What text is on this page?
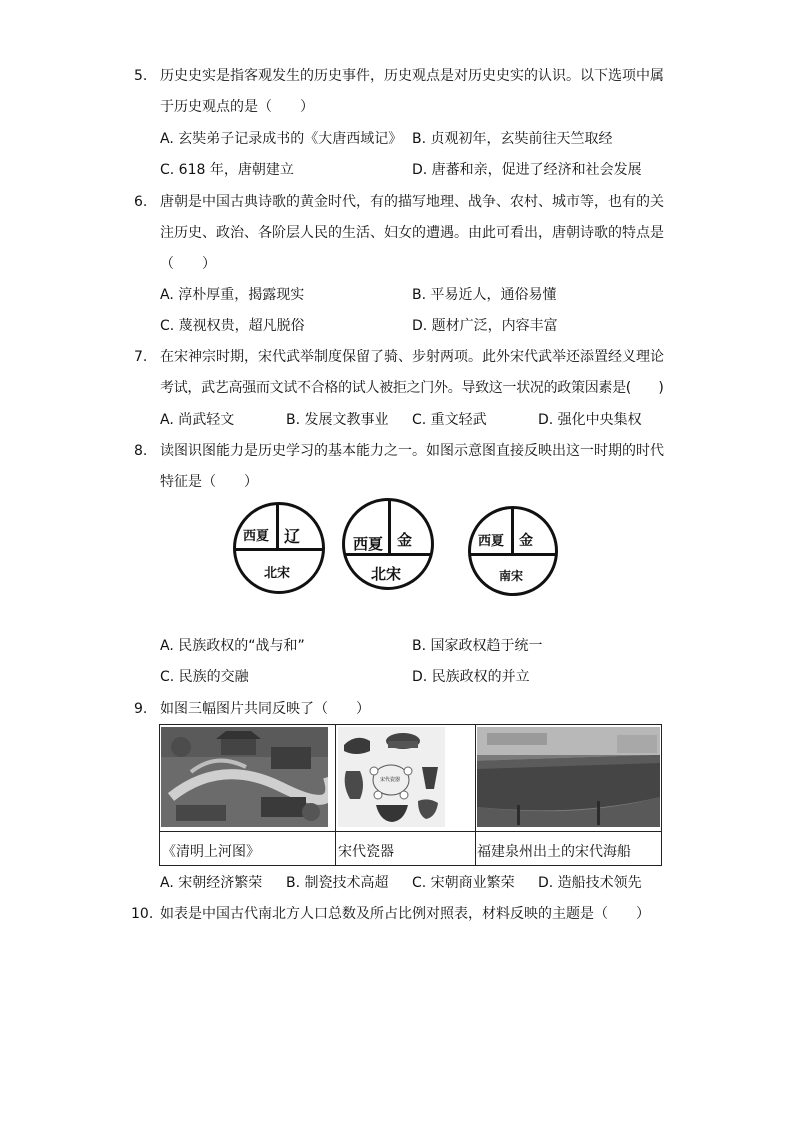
5. 历史史实是指客观发生的历史事件，历史观点是对历史史实的认识。以下选项中属
于历史观点的是（　　）
A. 玄奘弟子记录成书的《大唐西域记》 B. 贞观初年，玄奘前往天竺取经
C. 618 年，唐朝建立	D. 唐蕃和亲，促进了经济和社会发展
6. 唐朝是中国古典诗歌的黄金时代，有的描写地理、战争、农村、城市等，也有的关
注历史、政治、各阶层人民的生活、妇女的遭遇。由此可看出，唐朝诗歌的特点是
（　　）
A. 淳朴厚重，揭露现实	B. 平易近人，通俗易懂
C. 蔑视权贵，超凡脱俗	D. 题材广泛，内容丰富
7. 在宋神宗时期，宋代武举制度保留了骑、步射两项。此外宋代武举还添置经义理论
考试，武艺高强而文试不合格的试人被拒之门外。导致这一状况的政策因素是(　　)
A. 尚武轻文	B. 发展文教事业 C. 重文轻武	D. 强化中央集权
8. 读图识图能力是历史学习的基本能力之一。如图示意图直接反映出这一时期的时代
特征是（　　）
西夏 辽
北宋
西夏 金
北宋
西夏 金
南宋
A. 民族政权的“战与和”	B. 国家政权趋于统一
C. 民族的交融	D. 民族政权的并立
9. 如图三幅图片共同反映了（　　）

宋代瓷器
《清明上河图》	宋代瓷器	福建泉州出土的宋代海船
A. 宋朝经济繁荣 B. 制瓷技术高超 C. 宋朝商业繁荣 D. 造船技术领先
10. 如表是中国古代南北方人口总数及所占比例对照表，材料反映的主题是（　　）
